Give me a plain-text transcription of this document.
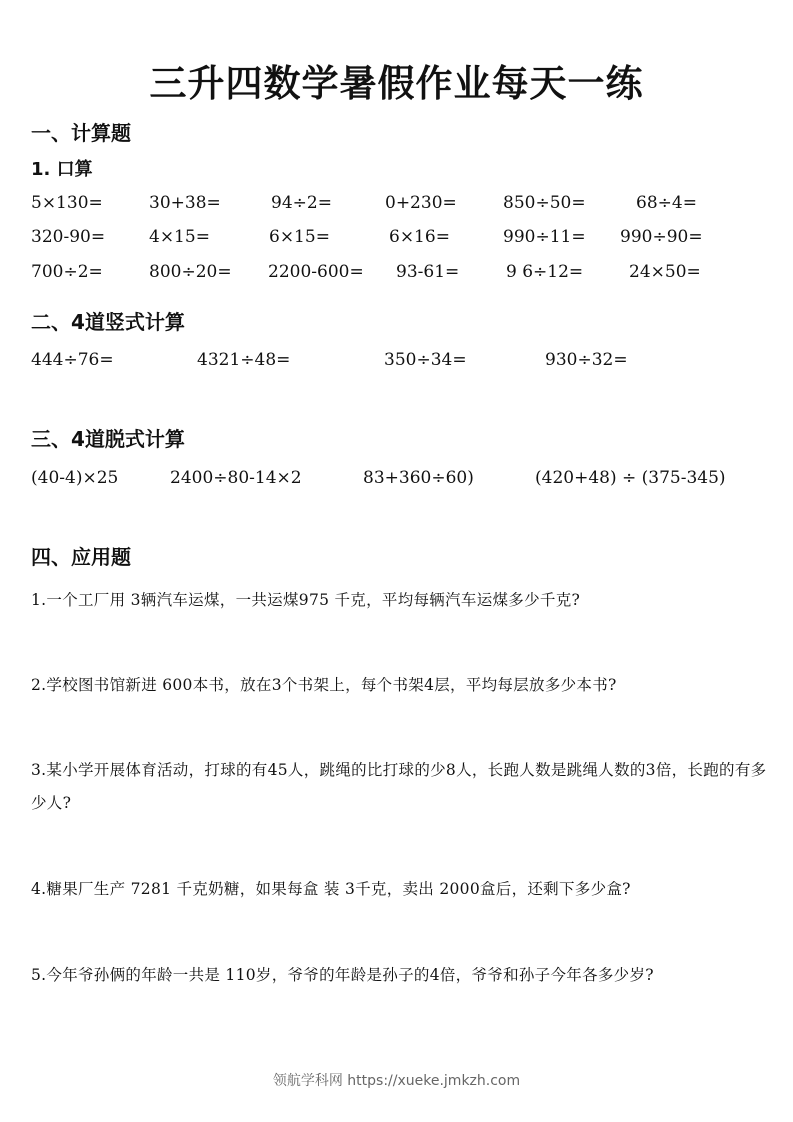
三升四数学暑假作业每天一练
一、计算题
1. 口算
5×130=	30+38=	94÷2=	0+230=	850÷50=	68÷4=
320-90=	4×15=	6×15=	6×16=	990÷11= 990÷90=
700÷2=	800÷20= 2200-600= 93-61=	9 6÷12=	24×50=
二、4道竖式计算
444÷76=	4321÷48=	350÷34=	930÷32=
三、4道脱式计算
(40-4)×25	2400÷80-14×2	83+360÷60)	(420+48) ÷ (375-345)
四、应用题
1.一个工厂用 3辆汽车运煤，一共运煤975 千克，平均每辆汽车运煤多少千克?
2.学校图书馆新进 600本书，放在3个书架上，每个书架4层，平均每层放多少本书?
3.某小学开展体育活动，打球的有45人，跳绳的比打球的少8人，长跑人数是跳绳人数的3倍，长跑的有多少人?
4.糖果厂生产 7281 千克奶糖，如果每盒 装 3千克，卖出 2000盒后，还剩下多少盒?
5.今年爷孙俩的年龄一共是 110岁，爷爷的年龄是孙子的4倍，爷爷和孙子今年各多少岁?
领航学科网 https://xueke.jmkzh.com
